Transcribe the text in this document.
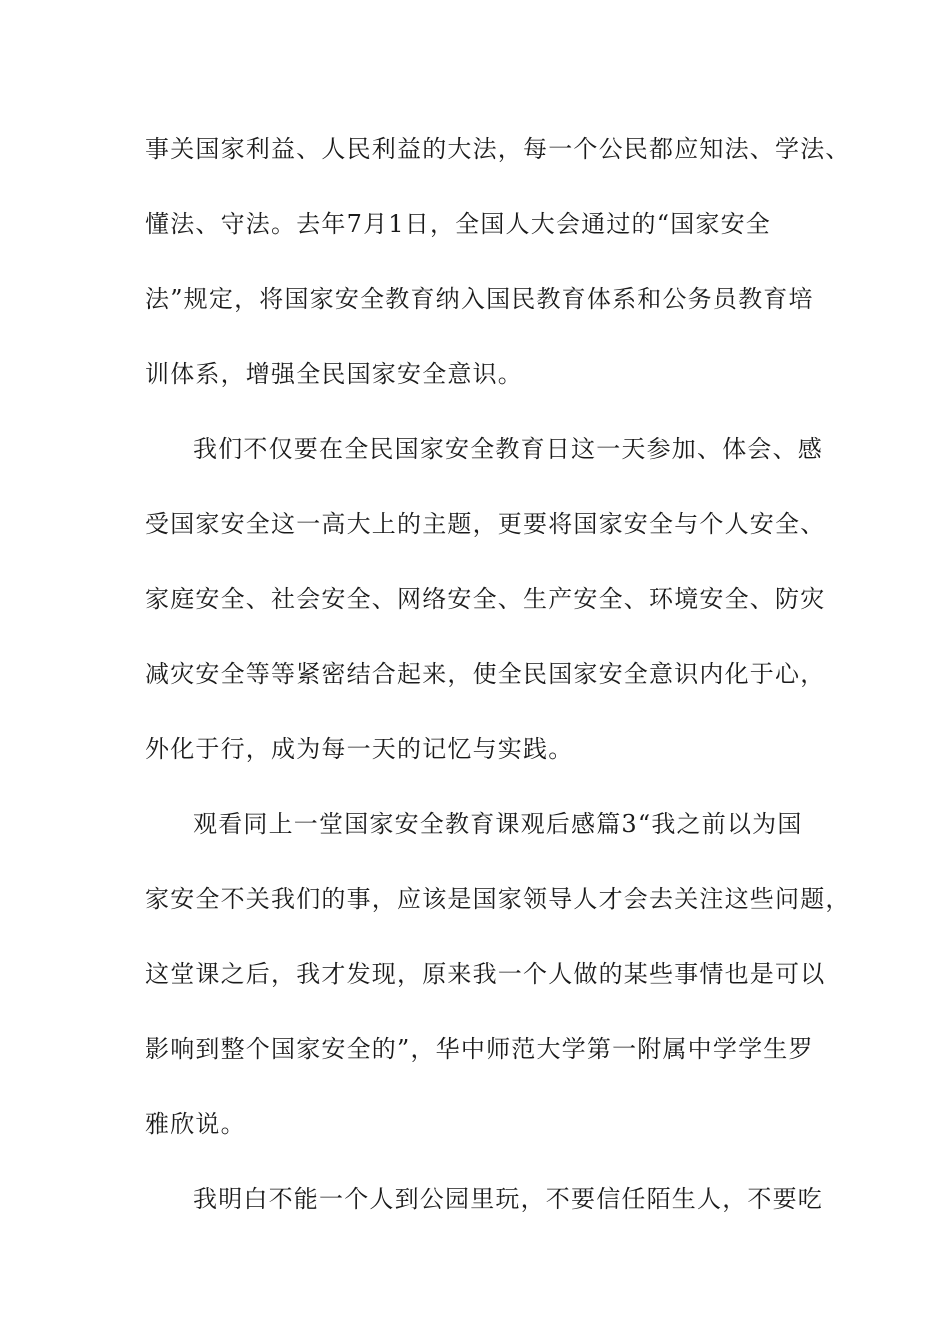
事关国家利益、人民利益的大法，每一个公民都应知法、学法、
懂法、守法。去年7月1日，全国人大会通过的“国家安全
法”规定，将国家安全教育纳入国民教育体系和公务员教育培
训体系，增强全民国家安全意识。
我们不仅要在全民国家安全教育日这一天参加、体会、感
受国家安全这一高大上的主题，更要将国家安全与个人安全、
家庭安全、社会安全、网络安全、生产安全、环境安全、防灾
减灾安全等等紧密结合起来，使全民国家安全意识内化于心，
外化于行，成为每一天的记忆与实践。
观看同上一堂国家安全教育课观后感篇3“我之前以为国
家安全不关我们的事，应该是国家领导人才会去关注这些问题，
这堂课之后，我才发现，原来我一个人做的某些事情也是可以
影响到整个国家安全的”，华中师范大学第一附属中学学生罗
雅欣说。
我明白不能一个人到公园里玩，不要信任陌生人，不要吃
